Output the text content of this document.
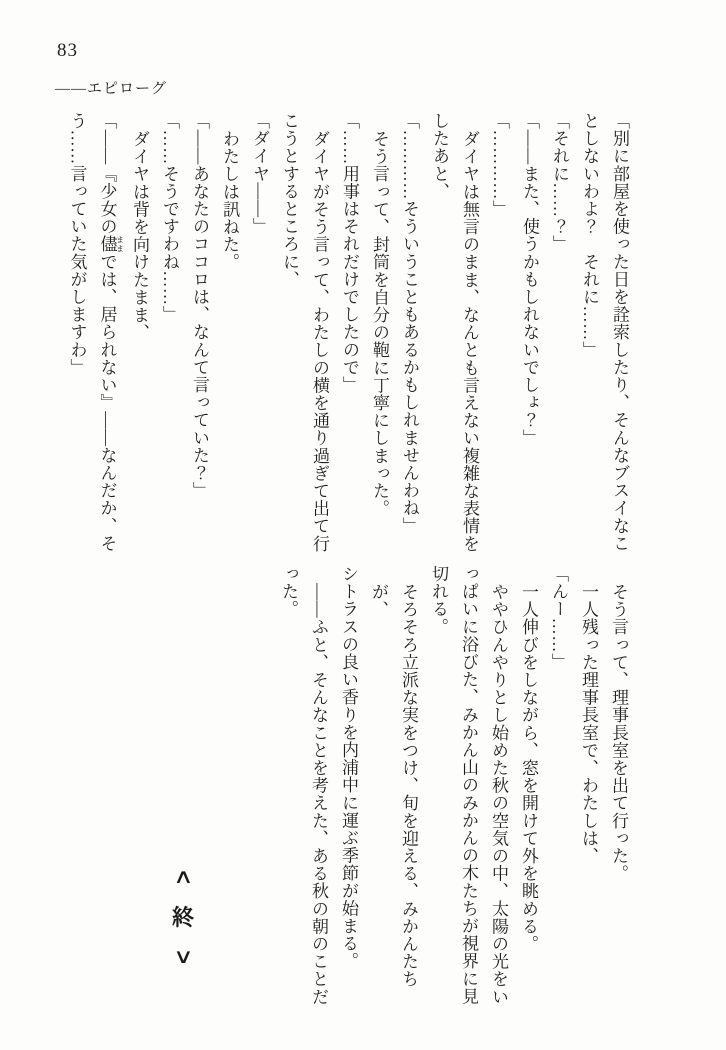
83
――エピローグ

「別に部屋を使った日を詮索したり、そんなブスイなこ

としないわよ？　それに……」

「それに……？」

「――また、使うかもしれないでしょ？」

「…………」

ダイヤは無言のまま、なんとも言えない複雑な表情を

したあと、

「…………そういうこともあるかもしれませんわね」

そう言って、封筒を自分の鞄に丁寧にしまった。

「……用事はそれだけでしたので」

ダイヤがそう言って、わたしの横を通り過ぎて出て行

こうとするところに、

「ダイヤ――」

わたしは訊ねた。

「――あなたのココロは、なんて言っていた？」

「……そうですわね……」

ダイヤは背を向けたまま、

「――『少女の儘 ままでは、居られない』――なんだか、そ

う……言っていた気がしますわ」

そう言って、理事長室を出て行った。

一人残った理事長室で、わたしは、

「んー……」

一人伸びをしながら、窓を開けて外を眺める。

ややひんやりとし始めた秋の空気の中、太陽の光をい

っぱいに浴びた、みかん山のみかんの木たちが視界に見

切れる。

そろそろ立派な実をつけ、旬を迎える、みかんたちが、

シトラスの良い香りを内浦中に運ぶ季節が始まる。

――ふと、そんなことを考えた、ある秋の朝のことだ

った。

∧
終
∨
